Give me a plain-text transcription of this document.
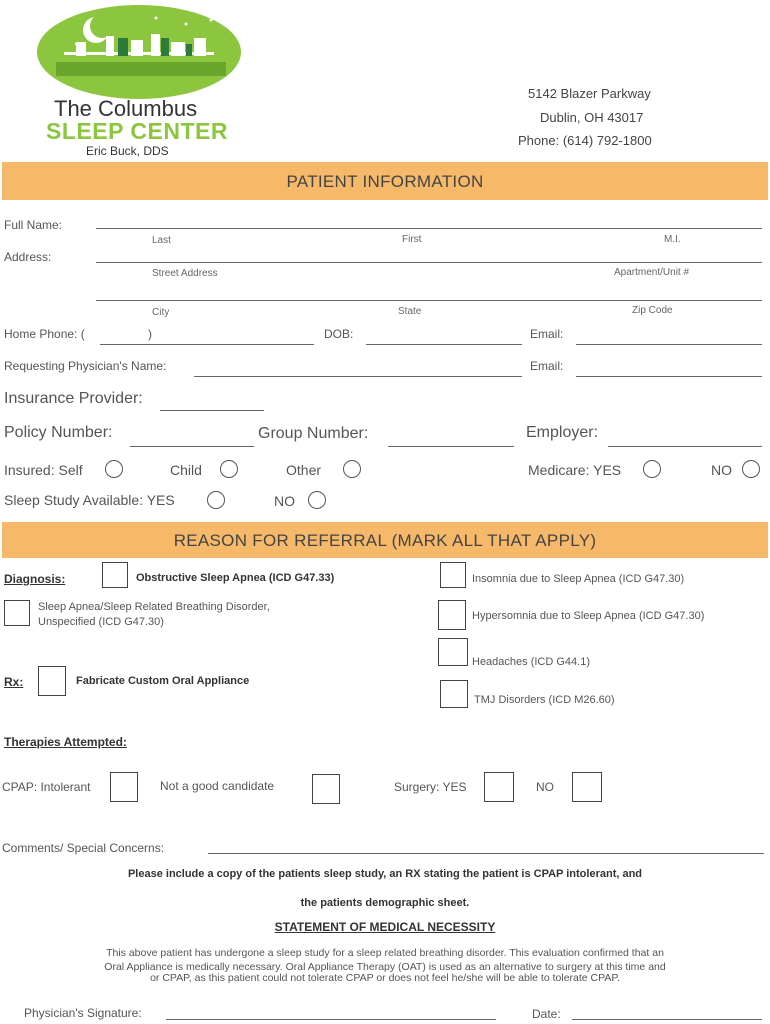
The Columbus
SLEEP CENTER
Eric Buck, DDS
5142 Blazer Parkway
Dublin, OH 43017
Phone: (614) 792-1800
PATIENT INFORMATION
Full Name:
Last	First	M.I.
Address:
Street Address	Apartment/Unit #
City	State	Zip Code
Home Phone: (	)	DOB:	Email:
Requesting Physician's Name:	Email:
Insurance Provider:
Policy Number:	Group Number:	Employer:
Insured: Self	Child	Other	Medicare: YES	NO
Sleep Study Available: YES	NO
REASON FOR REFERRAL (MARK ALL THAT APPLY)
Diagnosis:	Obstructive Sleep Apnea (ICD G47.33)	Insomnia due to Sleep Apnea (ICD G47.30)
Sleep Apnea/Sleep Related Breathing Disorder,
Unspecified (ICD G47.30)	Hypersomnia due to Sleep Apnea (ICD G47.30)
Headaches (ICD G44.1)
Rx:	Fabricate Custom Oral Appliance
TMJ Disorders (ICD M26.60)
Therapies Attempted:
CPAP: Intolerant	Not a good candidate	Surgery: YES	NO
Comments/ Special Concerns:
Please include a copy of the patients sleep study, an RX stating the patient is CPAP intolerant, and
the patients demographic sheet.
STATEMENT OF MEDICAL NECESSITY
This above patient has undergone a sleep study for a sleep related breathing disorder. This evaluation confirmed that an
Oral Appliance is medically necessary. Oral Appliance Therapy (OAT) is used as an alternative to surgery at this time and
or CPAP, as this patient could not tolerate CPAP or does not feel he/she will be able to tolerate CPAP.
Physician's Signature:	Date:
